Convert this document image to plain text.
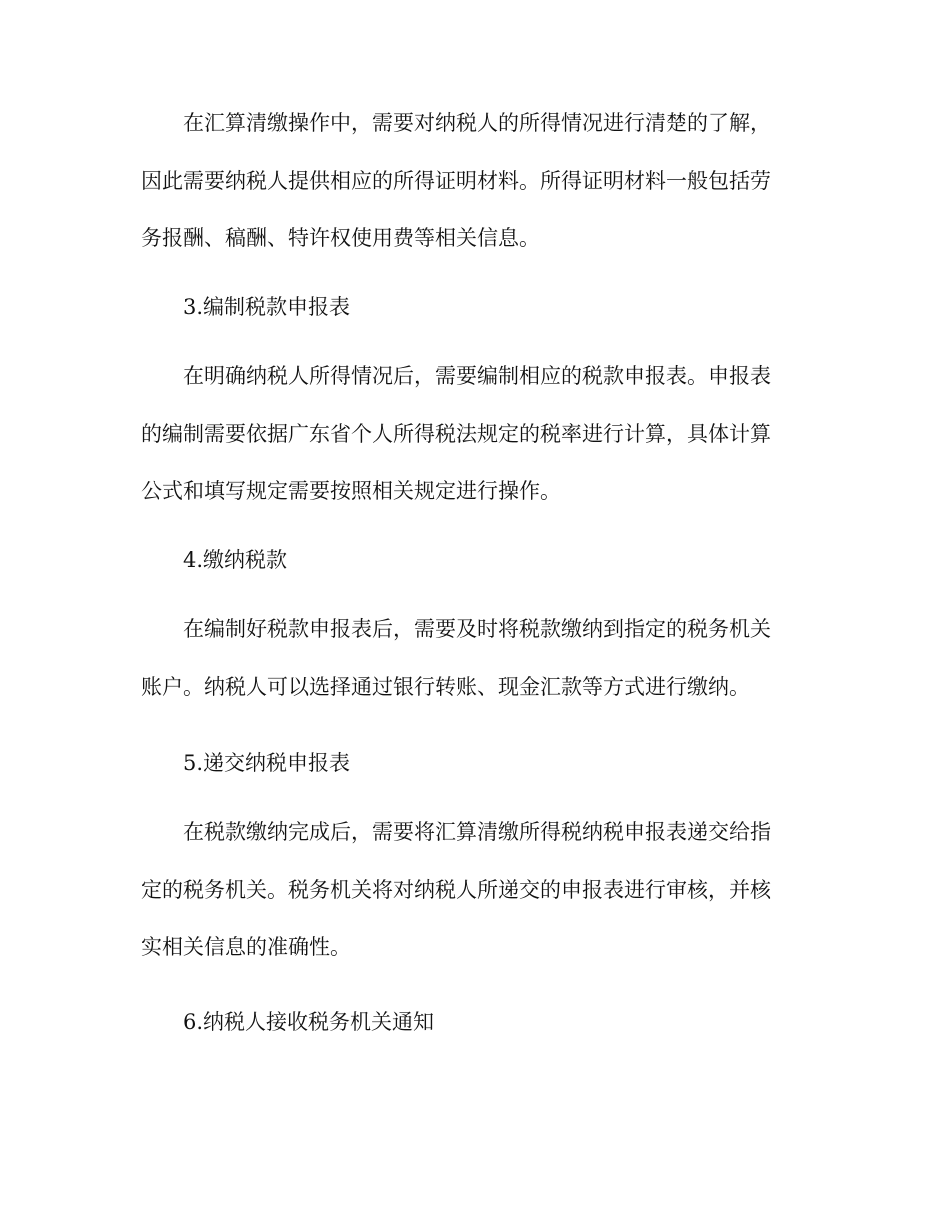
在汇算清缴操作中，需要对纳税人的所得情况进行清楚的了解，
因此需要纳税人提供相应的所得证明材料。所得证明材料一般包括劳
务报酬、稿酬、特许权使用费等相关信息。
3.编制税款申报表
在明确纳税人所得情况后，需要编制相应的税款申报表。申报表
的编制需要依据广东省个人所得税法规定的税率进行计算，具体计算
公式和填写规定需要按照相关规定进行操作。
4.缴纳税款
在编制好税款申报表后，需要及时将税款缴纳到指定的税务机关
账户。纳税人可以选择通过银行转账、现金汇款等方式进行缴纳。
5.递交纳税申报表
在税款缴纳完成后，需要将汇算清缴所得税纳税申报表递交给指
定的税务机关。税务机关将对纳税人所递交的申报表进行审核，并核
实相关信息的准确性。
6.纳税人接收税务机关通知
